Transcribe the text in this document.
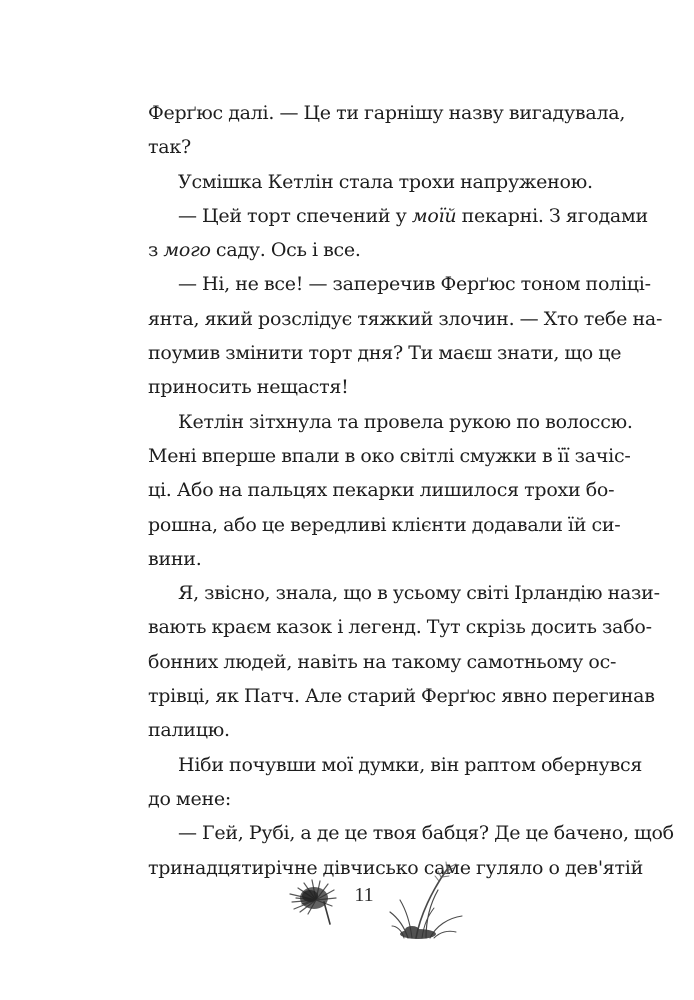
Ферґюс далі. — Це ти гарнішу назву вигадувала,
так?
Усмішка Кетлін стала трохи напруженою.
— Цей торт спечений у моїй пекарні. З ягодами
з мого саду. Ось і все.
— Ні, не все! — заперечив Ферґюс тоном поліці-
янта, який розслідує тяжкий злочин. — Хто тебе на-
поумив змінити торт дня? Ти маєш знати, що це
приносить нещастя!
Кетлін зітхнула та провела рукою по волоссю.
Мені вперше впали в око світлі смужки в її зачіс-
ці. Або на пальцях пекарки лишилося трохи бо-
рошна, або це вередливі клієнти додавали їй си-
вини.
Я, звісно, знала, що в усьому світі Ірландію нази-
вають краєм казок і легенд. Тут скрізь досить забо-
бонних людей, навіть на такому самотньому ос-
трівці, як Патч. Але старий Ферґюс явно перегинав
палицю.
Ніби почувши мої думки, він раптом обернувся
до мене:
— Гей, Рубі, а де це твоя бабця? Де це бачено, щоб
тринадцятирічне дівчисько саме гуляло о дев'ятій
11
